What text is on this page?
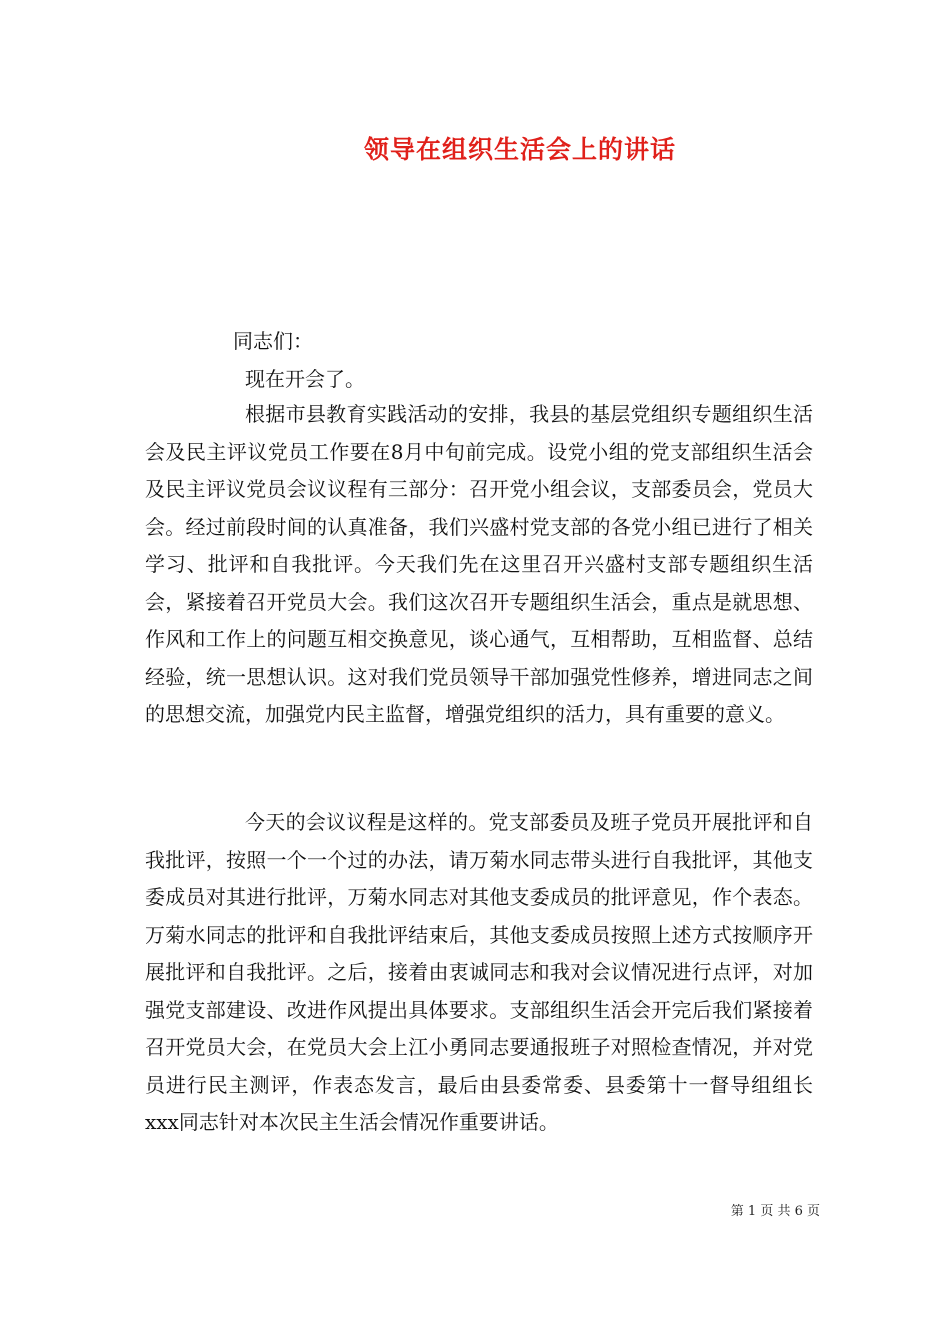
领导在组织生活会上的讲话
同志们：
现在开会了。

根据市县教育实践活动的安排，我县的基层党组织专题组织生活会及民主评议党员工作要在8月中旬前完成。设党小组的党支部组织生活会及民主评议党员会议议程有三部分：召开党小组会议，支部委员会，党员大会。经过前段时间的认真准备，我们兴盛村党支部的各党小组已进行了相关学习、批评和自我批评。今天我们先在这里召开兴盛村支部专题组织生活会，紧接着召开党员大会。我们这次召开专题组织生活会，重点是就思想、作风和工作上的问题互相交换意见，谈心通气，互相帮助，互相监督、总结经验，统一思想认识。这对我们党员领导干部加强党性修养，增进同志之间的思想交流，加强党内民主监督，增强党组织的活力，具有重要的意义。

今天的会议议程是这样的。党支部委员及班子党员开展批评和自我批评，按照一个一个过的办法，请万菊水同志带头进行自我批评，其他支委成员对其进行批评，万菊水同志对其他支委成员的批评意见，作个表态。万菊水同志的批评和自我批评结束后，其他支委成员按照上述方式按顺序开展批评和自我批评。之后，接着由衷诚同志和我对会议情况进行点评，对加强党支部建设、改进作风提出具体要求。支部组织生活会开完后我们紧接着召开党员大会，在党员大会上江小勇同志要通报班子对照检查情况，并对党员进行民主测评，作表态发言，最后由县委常委、县委第十一督导组组长xxx同志针对本次民主生活会情况作重要讲话。

第 1 页 共 6 页
